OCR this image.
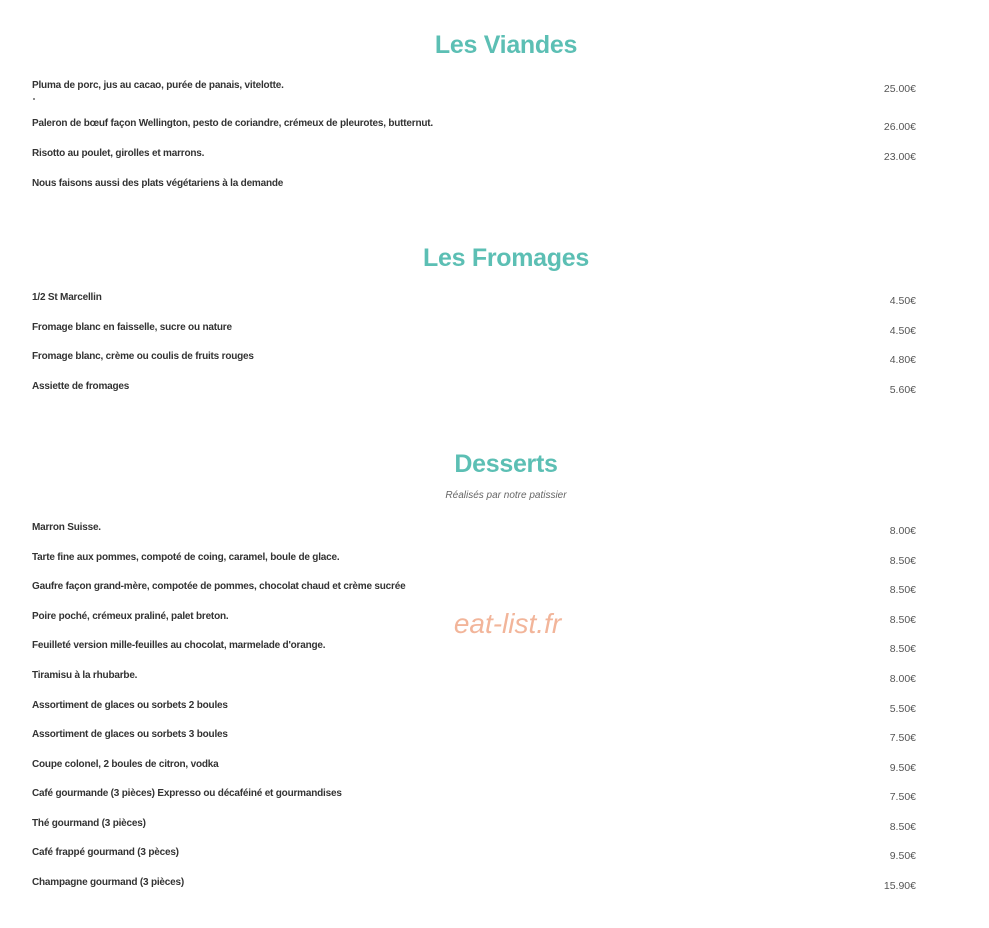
Les Viandes
Pluma de porc, jus au cacao, purée de panais, vitelotte.	25.00€
Paleron de bœuf façon Wellington, pesto de coriandre, crémeux de pleurotes, butternut.	26.00€
Risotto au poulet, girolles et marrons.	23.00€
Nous faisons aussi des plats végétariens à la demande
Les Fromages
1/2 St Marcellin	4.50€
Fromage blanc en faisselle, sucre ou nature	4.50€
Fromage blanc, crème ou coulis de fruits rouges	4.80€
Assiette de fromages	5.60€
Desserts
Réalisés par notre patissier
Marron Suisse.	8.00€
Tarte fine aux pommes, compoté de coing, caramel, boule de glace.	8.50€
Gaufre façon grand-mère, compotée de pommes, chocolat chaud et crème sucrée	8.50€
Poire poché, crémeux praliné, palet breton.	8.50€
Feuilleté version mille-feuilles au chocolat, marmelade d'orange.	8.50€
Tiramisu à la rhubarbe.	8.00€
Assortiment de glaces ou sorbets 2 boules	5.50€
Assortiment de glaces ou sorbets 3 boules	7.50€
Coupe colonel, 2 boules de citron, vodka	9.50€
Café gourmande (3 pièces) Expresso ou décaféiné et gourmandises	7.50€
Thé gourmand (3 pièces)	8.50€
Café frappé gourmand (3 pèces)	9.50€
Champagne gourmand (3 pièces)	15.90€
eat-list.fr
